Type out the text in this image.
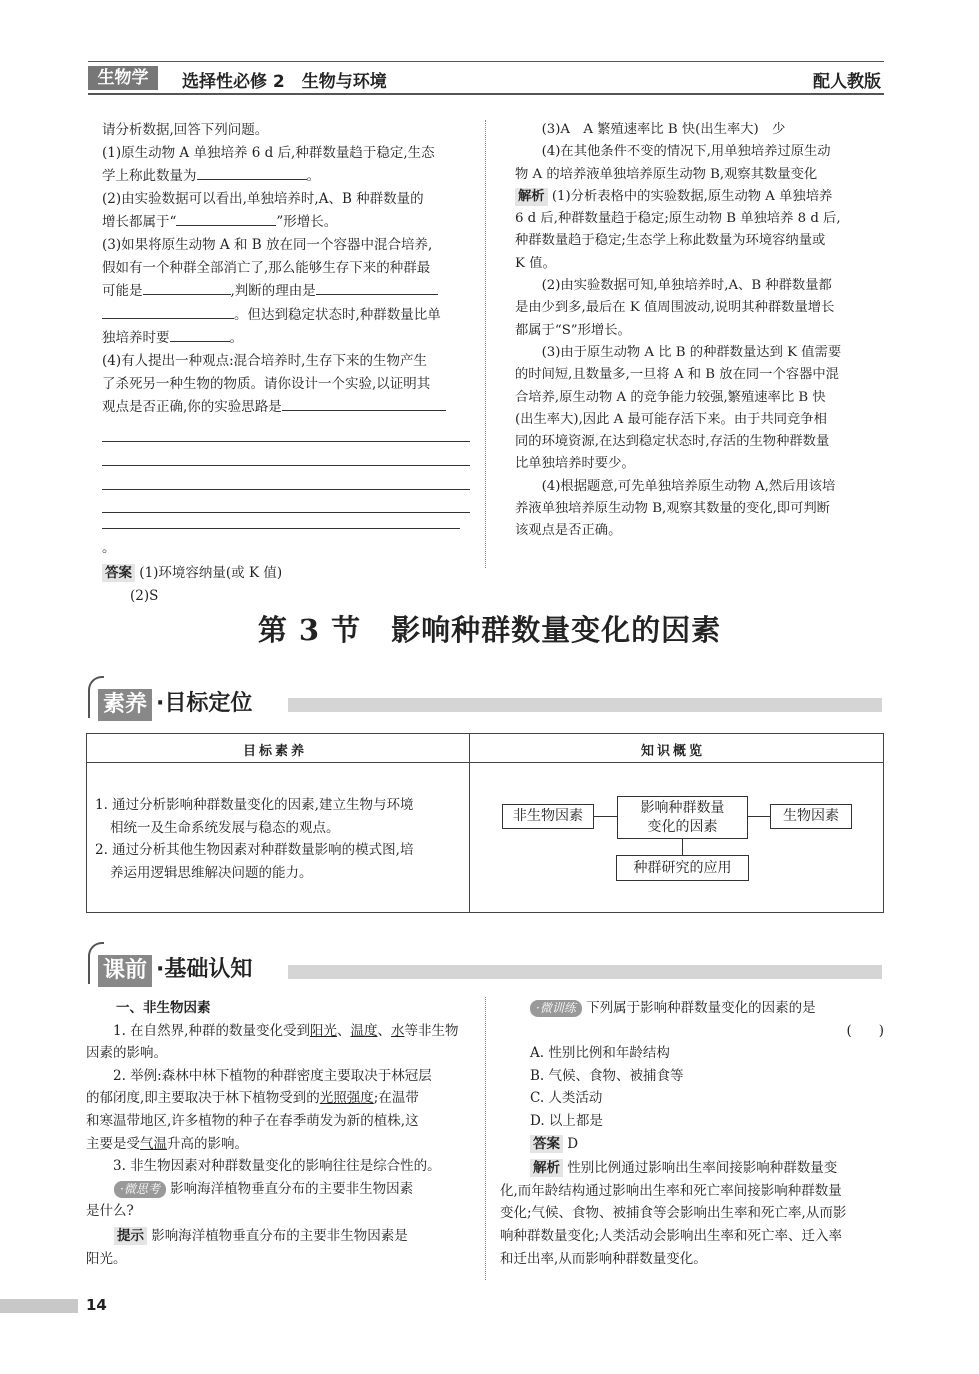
生物学	选择性必修 2　生物与环境	配人教版

请分析数据,回答下列问题。

(1)原生动物 A 单独培养 6 d 后,种群数量趋于稳定,生态

学上称此数量为	。

(2)由实验数据可以看出,单独培养时,A、B 种群数量的

增长都属于“	”形增长。

(3)如果将原生动物 A 和 B 放在同一个容器中混合培养,

假如有一个种群全部消亡了,那么能够生存下来的种群最

可能是	,判断的理由是

。但达到稳定状态时,种群数量比单

独培养时要	。

(4)有人提出一种观点:混合培养时,生存下来的生物产生

了杀死另一种生物的物质。请你设计一个实验,以证明其

观点是否正确,你的实验思路是

。

答案 (1)环境容纳量(或 K 值)

(2)S

(3)A　A 繁殖速率比 B 快(出生率大)　少

(4)在其他条件不变的情况下,用单独培养过原生动

物 A 的培养液单独培养原生动物 B,观察其数量变化

解析 (1)分析表格中的实验数据,原生动物 A 单独培养

6 d 后,种群数量趋于稳定;原生动物 B 单独培养 8 d 后,

种群数量趋于稳定;生态学上称此数量为环境容纳量或

K 值。

(2)由实验数据可知,单独培养时,A、B 种群数量都

是由少到多,最后在 K 值周围波动,说明其种群数量增长

都属于“S”形增长。

(3)由于原生动物 A 比 B 的种群数量达到 K 值需要

的时间短,且数量多,一旦将 A 和 B 放在同一个容器中混

合培养,原生动物 A 的竞争能力较强,繁殖速率比 B 快

(出生率大),因此 A 最可能存活下来。由于共同竞争相

同的环境资源,在达到稳定状态时,存活的生物种群数量

比单独培养时要少。

(4)根据题意,可先单独培养原生动物 A,然后用该培

养液单独培养原生动物 B,观察其数量的变化,即可判断

该观点是否正确。

第 3 节　影响种群数量变化的因素
素养 ·目标定位
目标素养	知识概览

1. 通过分析影响种群数量变化的因素,建立生物与环境

相统一及生命系统发展与稳态的观点。

2. 通过分析其他生物因素对种群数量影响的模式图,培

养运用逻辑思维解决问题的能力。

非生物因素	影响种群数量
变化的因素
生物因素
种群研究的应用
课前 ·基础认知

一、非生物因素

1. 在自然界,种群的数量变化受到阳光、温度、水等非生物

因素的影响。

2. 举例:森林中林下植物的种群密度主要取决于林冠层

的郁闭度,即主要取决于林下植物受到的光照强度;在温带

和寒温带地区,许多植物的种子在春季萌发为新的植株,这

主要是受气温升高的影响。

3. 非生物因素对种群数量变化的影响往往是综合性的。

·微思考 影响海洋植物垂直分布的主要非生物因素

是什么?

提示 影响海洋植物垂直分布的主要非生物因素是

阳光。

·微训练 下列属于影响种群数量变化的因素的是

(　　)

A. 性别比例和年龄结构

B. 气候、食物、被捕食等

C. 人类活动

D. 以上都是

答案 D

解析 性别比例通过影响出生率间接影响种群数量变

化,而年龄结构通过影响出生率和死亡率间接影响种群数量

变化;气候、食物、被捕食等会影响出生率和死亡率,从而影

响种群数量变化;人类活动会影响出生率和死亡率、迁入率

和迁出率,从而影响种群数量变化。

14
